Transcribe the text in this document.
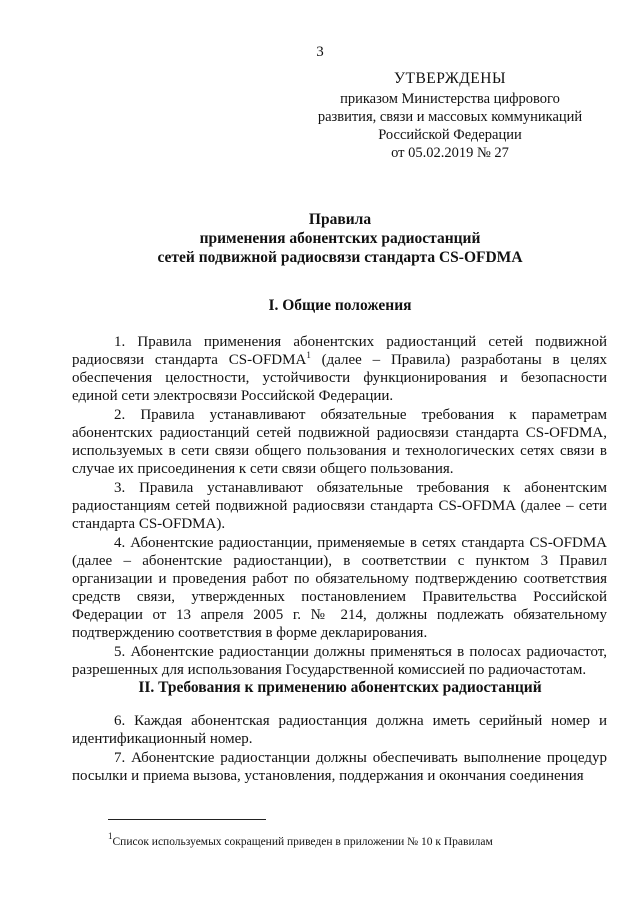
3
УТВЕРЖДЕНЫ
приказом Министерства цифрового
развития, связи и массовых коммуникаций
Российской Федерации
от 05.02.2019 № 27
Правила
применения абонентских радиостанций
сетей подвижной радиосвязи стандарта CS-OFDMA
I. Общие положения

1. Правила применения абонентских радиостанций сетей подвижной радиосвязи стандарта CS-OFDMA$^1$ (далее – Правила) разработаны в целях обеспечения целостности, устойчивости функционирования и безопасности единой сети электросвязи Российской Федерации.

2. Правила устанавливают обязательные требования к параметрам абонентских радиостанций сетей подвижной радиосвязи стандарта CS-OFDMA, используемых в сети связи общего пользования и технологических сетях связи в случае их присоединения к сети связи общего пользования.

3. Правила устанавливают обязательные требования к абонентским радиостанциям сетей подвижной радиосвязи стандарта CS-OFDMA (далее – сети стандарта CS-OFDMA).

4. Абонентские радиостанции, применяемые в сетях стандарта CS-OFDMA (далее – абонентские радиостанции), в соответствии с пунктом 3 Правил организации и проведения работ по обязательному подтверждению соответствия средств связи, утвержденных постановлением Правительства Российской Федерации от 13 апреля 2005 г. № 214, должны подлежать обязательному подтверждению соответствия в форме декларирования.

5. Абонентские радиостанции должны применяться в полосах радиочастот, разрешенных для использования Государственной комиссией по радиочастотам.

II. Требования к применению абонентских радиостанций

6. Каждая абонентская радиостанция должна иметь серийный номер и идентификационный номер.

7. Абонентские радиостанции должны обеспечивать выполнение процедур посылки и приема вызова, установления, поддержания и окончания соединения

$^1$Список используемых сокращений приведен в приложении № 10 к Правилам
